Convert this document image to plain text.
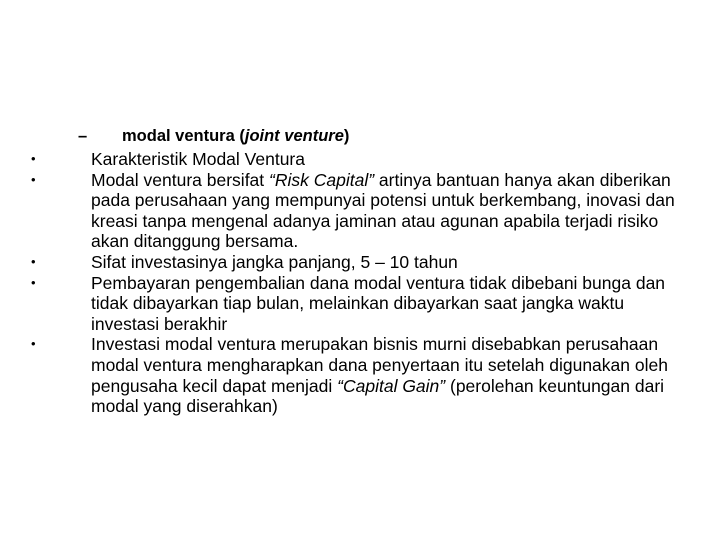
– modal ventura (joint venture)
•	Karakteristik Modal Ventura
•	Modal ventura bersifat “Risk Capital” artinya bantuan hanya akan diberikan pada perusahaan yang mempunyai potensi untuk berkembang, inovasi dan kreasi tanpa mengenal adanya jaminan atau agunan apabila terjadi risiko akan ditanggung bersama.
•	Sifat investasinya jangka panjang, 5 – 10 tahun
•	Pembayaran pengembalian dana modal ventura tidak dibebani bunga dan tidak dibayarkan tiap bulan, melainkan dibayarkan saat jangka waktu investasi berakhir
•	Investasi modal ventura merupakan bisnis murni disebabkan perusahaan modal ventura mengharapkan dana penyertaan itu setelah digunakan oleh pengusaha kecil dapat menjadi “Capital Gain” (perolehan keuntungan dari modal yang diserahkan)
